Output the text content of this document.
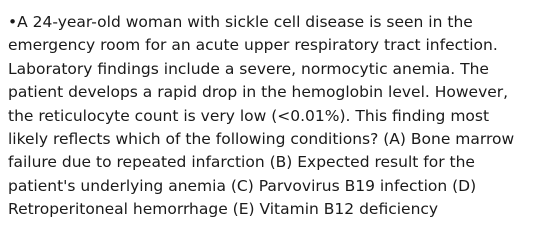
•A 24-year-old woman with sickle cell disease is seen in the
emergency room for an acute upper respiratory tract infection.
Laboratory findings include a severe, normocytic anemia. The
patient develops a rapid drop in the hemoglobin level. However,
the reticulocyte count is very low (<0.01%). This finding most
likely reflects which of the following conditions? (A) Bone marrow
failure due to repeated infarction (B) Expected result for the
patient's underlying anemia (C) Parvovirus B19 infection (D)
Retroperitoneal hemorrhage (E) Vitamin B12 deficiency
